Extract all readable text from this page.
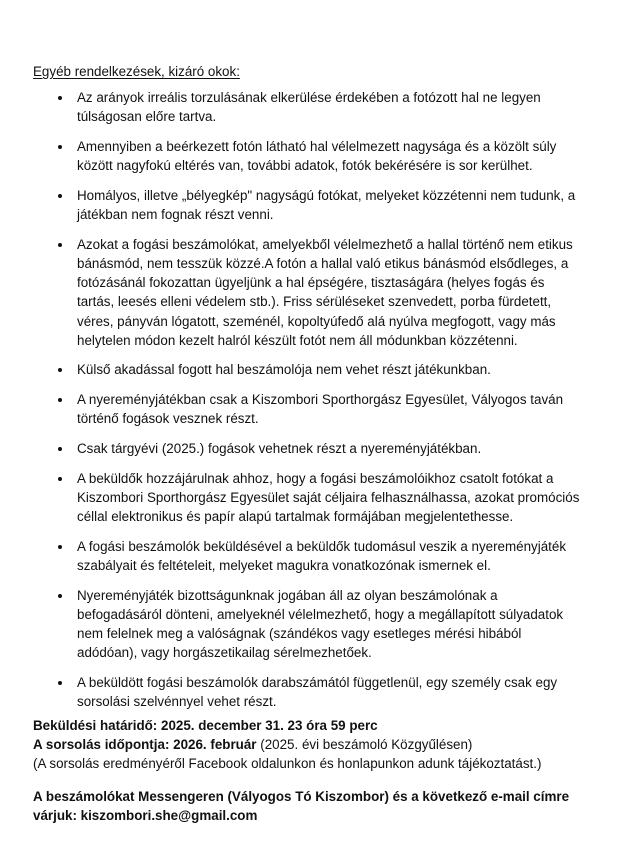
Egyéb rendelkezések, kizáró okok:
Az arányok irreális torzulásának elkerülése érdekében a fotózott hal ne legyen
túlságosan előre tartva.
Amennyiben a beérkezett fotón látható hal vélelmezett nagysága és a közölt súly
között nagyfokú eltérés van, további adatok, fotók bekérésére is sor kerülhet.
Homályos, illetve „bélyegkép" nagyságú fotókat, melyeket közzétenni nem tudunk, a
játékban nem fognak részt venni.
Azokat a fogási beszámolókat, amelyekből vélelmezhető a hallal történő nem etikus
bánásmód, nem tesszük közzé.A fotón a hallal való etikus bánásmód elsődleges, a
fotózásánál fokozattan ügyeljünk a hal épségére, tisztaságára (helyes fogás és
tartás, leesés elleni védelem stb.). Friss sérüléseket szenvedett, porba fürdetett,
véres, pányván lógatott, szeménél, kopoltyúfedő alá nyúlva megfogott, vagy más
helytelen módon kezelt halról készült fotót nem áll módunkban közzétenni.
Külső akadással fogott hal beszámolója nem vehet részt játékunkban.
A nyereményjátékban csak a Kiszombori Sporthorgász Egyesület, Vályogos taván
történő fogások vesznek részt.
Csak tárgyévi (2025.) fogások vehetnek részt a nyereményjátékban.
A beküldők hozzájárulnak ahhoz, hogy a fogási beszámolóikhoz csatolt fotókat a
Kiszombori Sporthorgász Egyesület saját céljaira felhasználhassa, azokat promóciós
céllal elektronikus és papír alapú tartalmak formájában megjelentethesse.
A fogási beszámolók beküldésével a beküldők tudomásul veszik a nyereményjáték
szabályait és feltételeit, melyeket magukra vonatkozónak ismernek el.
Nyereményjáték bizottságunknak jogában áll az olyan beszámolónak a
befogadásáról dönteni, amelyeknél vélelmezhető, hogy a megállapított súlyadatok
nem felelnek meg a valóságnak (szándékos vagy esetleges mérési hibából
adódóan), vagy horgászetikailag sérelmezhetőek.
A beküldött fogási beszámolók darabszámától függetlenül, egy személy csak egy
sorsolási szelvénnyel vehet részt.
Beküldési határidő: 2025. december 31. 23 óra 59 perc
A sorsolás időpontja: 2026. február (2025. évi beszámoló Közgyűlésen)
(A sorsolás eredményéről Facebook oldalunkon és honlapunkon adunk tájékoztatást.)
A beszámolókat Messengeren (Vályogos Tó Kiszombor) és a következő e-mail címre
várjuk: kiszombori.she@gmail.com
